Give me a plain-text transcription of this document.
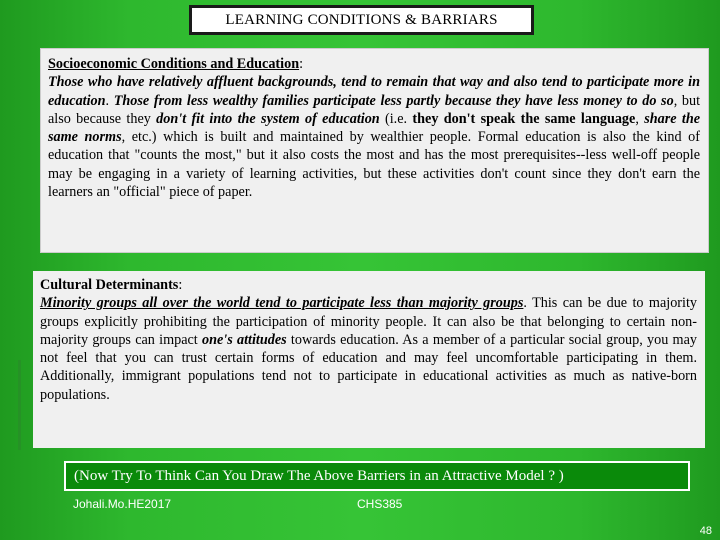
LEARNING CONDITIONS & BARRIARS
Socioeconomic Conditions and Education:
Those who have relatively affluent backgrounds, tend to remain that way and also tend to participate more in education. Those from less wealthy families participate less partly because they have less money to do so, but also because they don't fit into the system of education (i.e. they don't speak the same language, share the same norms, etc.) which is built and maintained by wealthier people. Formal education is also the kind of education that "counts the most," but it also costs the most and has the most prerequisites--less well-off people may be engaging in a variety of learning activities, but these activities don't count since they don't earn the learners an "official" piece of paper.
Cultural Determinants:
Minority groups all over the world tend to participate less than majority groups. This can be due to majority groups explicitly prohibiting the participation of minority people. It can also be that belonging to certain non-majority groups can impact one's attitudes towards education. As a member of a particular social group, you may not feel that you can trust certain forms of education and may feel uncomfortable participating in them. Additionally, immigrant populations tend not to participate in educational activities as much as native-born populations.
(Now Try To Think Can You Draw The Above Barriers in an Attractive Model ? )
Johali.Mo.HE2017	CHS385
48
